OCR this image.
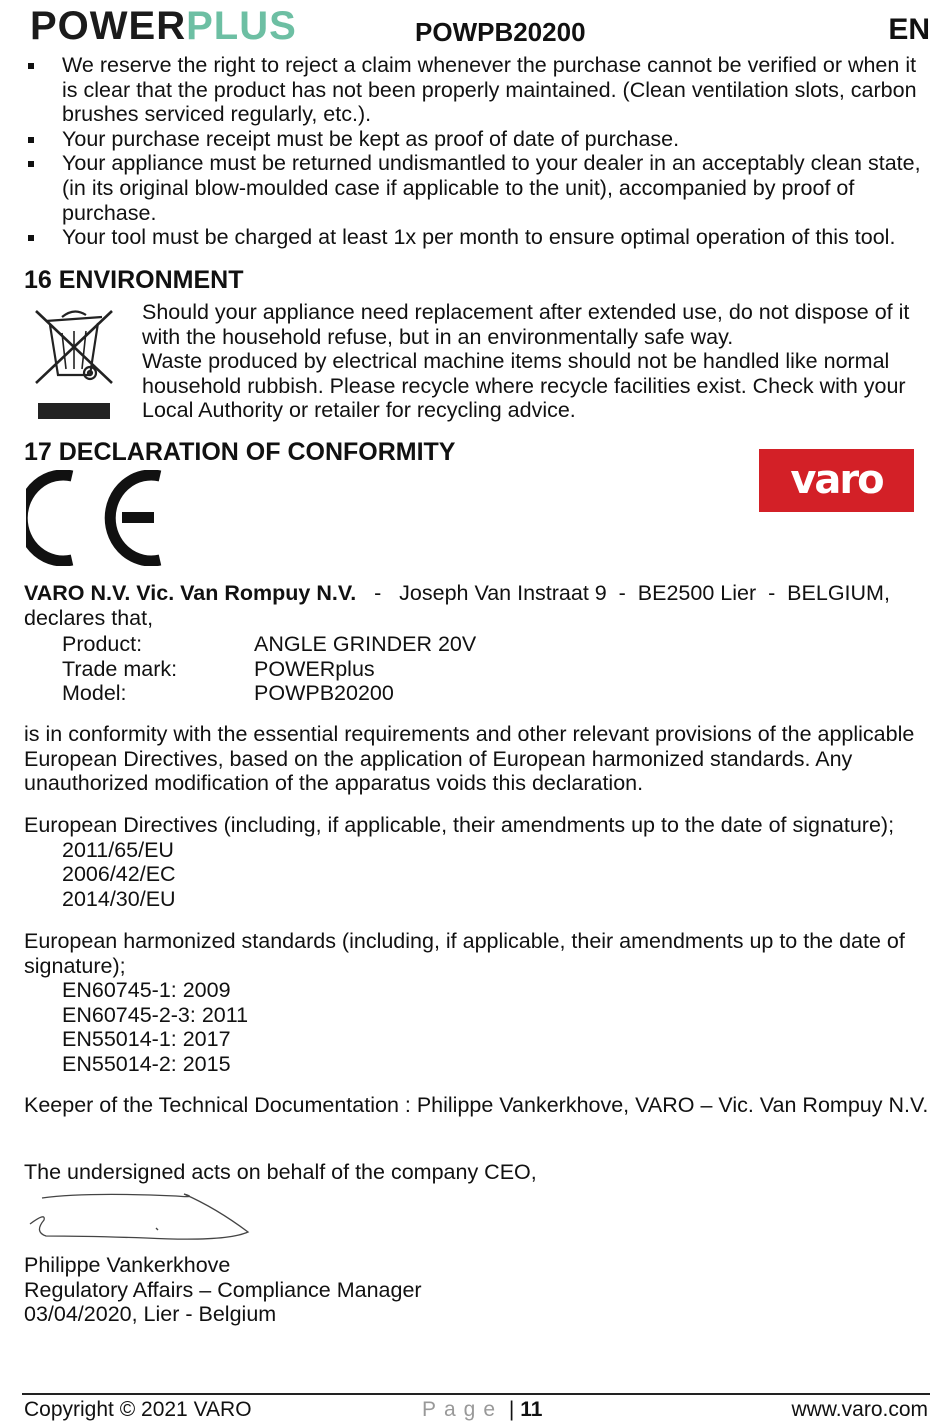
POWERPLUS	POWPB20200	EN
We reserve the right to reject a claim whenever the purchase cannot be verified or when it is clear that the product has not been properly maintained. (Clean ventilation slots, carbon brushes serviced regularly, etc.).
Your purchase receipt must be kept as proof of date of purchase.
Your appliance must be returned undismantled to your dealer in an acceptably clean state, (in its original blow-moulded case if applicable to the unit), accompanied by proof of purchase.
Your tool must be charged at least 1x per month to ensure optimal operation of this tool.
16 ENVIRONMENT
Should your appliance need replacement after extended use, do not dispose of it with the household refuse, but in an environmentally safe way.
Waste produced by electrical machine items should not be handled like normal household rubbish. Please recycle where recycle facilities exist. Check with your Local Authority or retailer for recycling advice.
17 DECLARATION OF CONFORMITY
varo
VARO N.V. Vic. Van Rompuy N.V.   -   Joseph Van Instraat 9  -  BE2500 Lier  -  BELGIUM,
declares that,
Product:	ANGLE GRINDER 20V
Trade mark:	POWERplus
Model:	POWPB20200
is in conformity with the essential requirements and other relevant provisions of the applicable European Directives, based on the application of European harmonized standards. Any unauthorized modification of the apparatus voids this declaration.
European Directives (including, if applicable, their amendments up to the date of signature);
2011/65/EU
2006/42/EC
2014/30/EU
European harmonized standards (including, if applicable, their amendments up to the date of signature);
EN60745-1: 2009
EN60745-2-3: 2011
EN55014-1: 2017
EN55014-2: 2015
Keeper of the Technical Documentation : Philippe Vankerkhove, VARO – Vic. Van Rompuy N.V.
The undersigned acts on behalf of the company CEO,
Philippe Vankerkhove
Regulatory Affairs – Compliance Manager
03/04/2020, Lier - Belgium
Copyright © 2021 VARO	Page | 11	www.varo.com
